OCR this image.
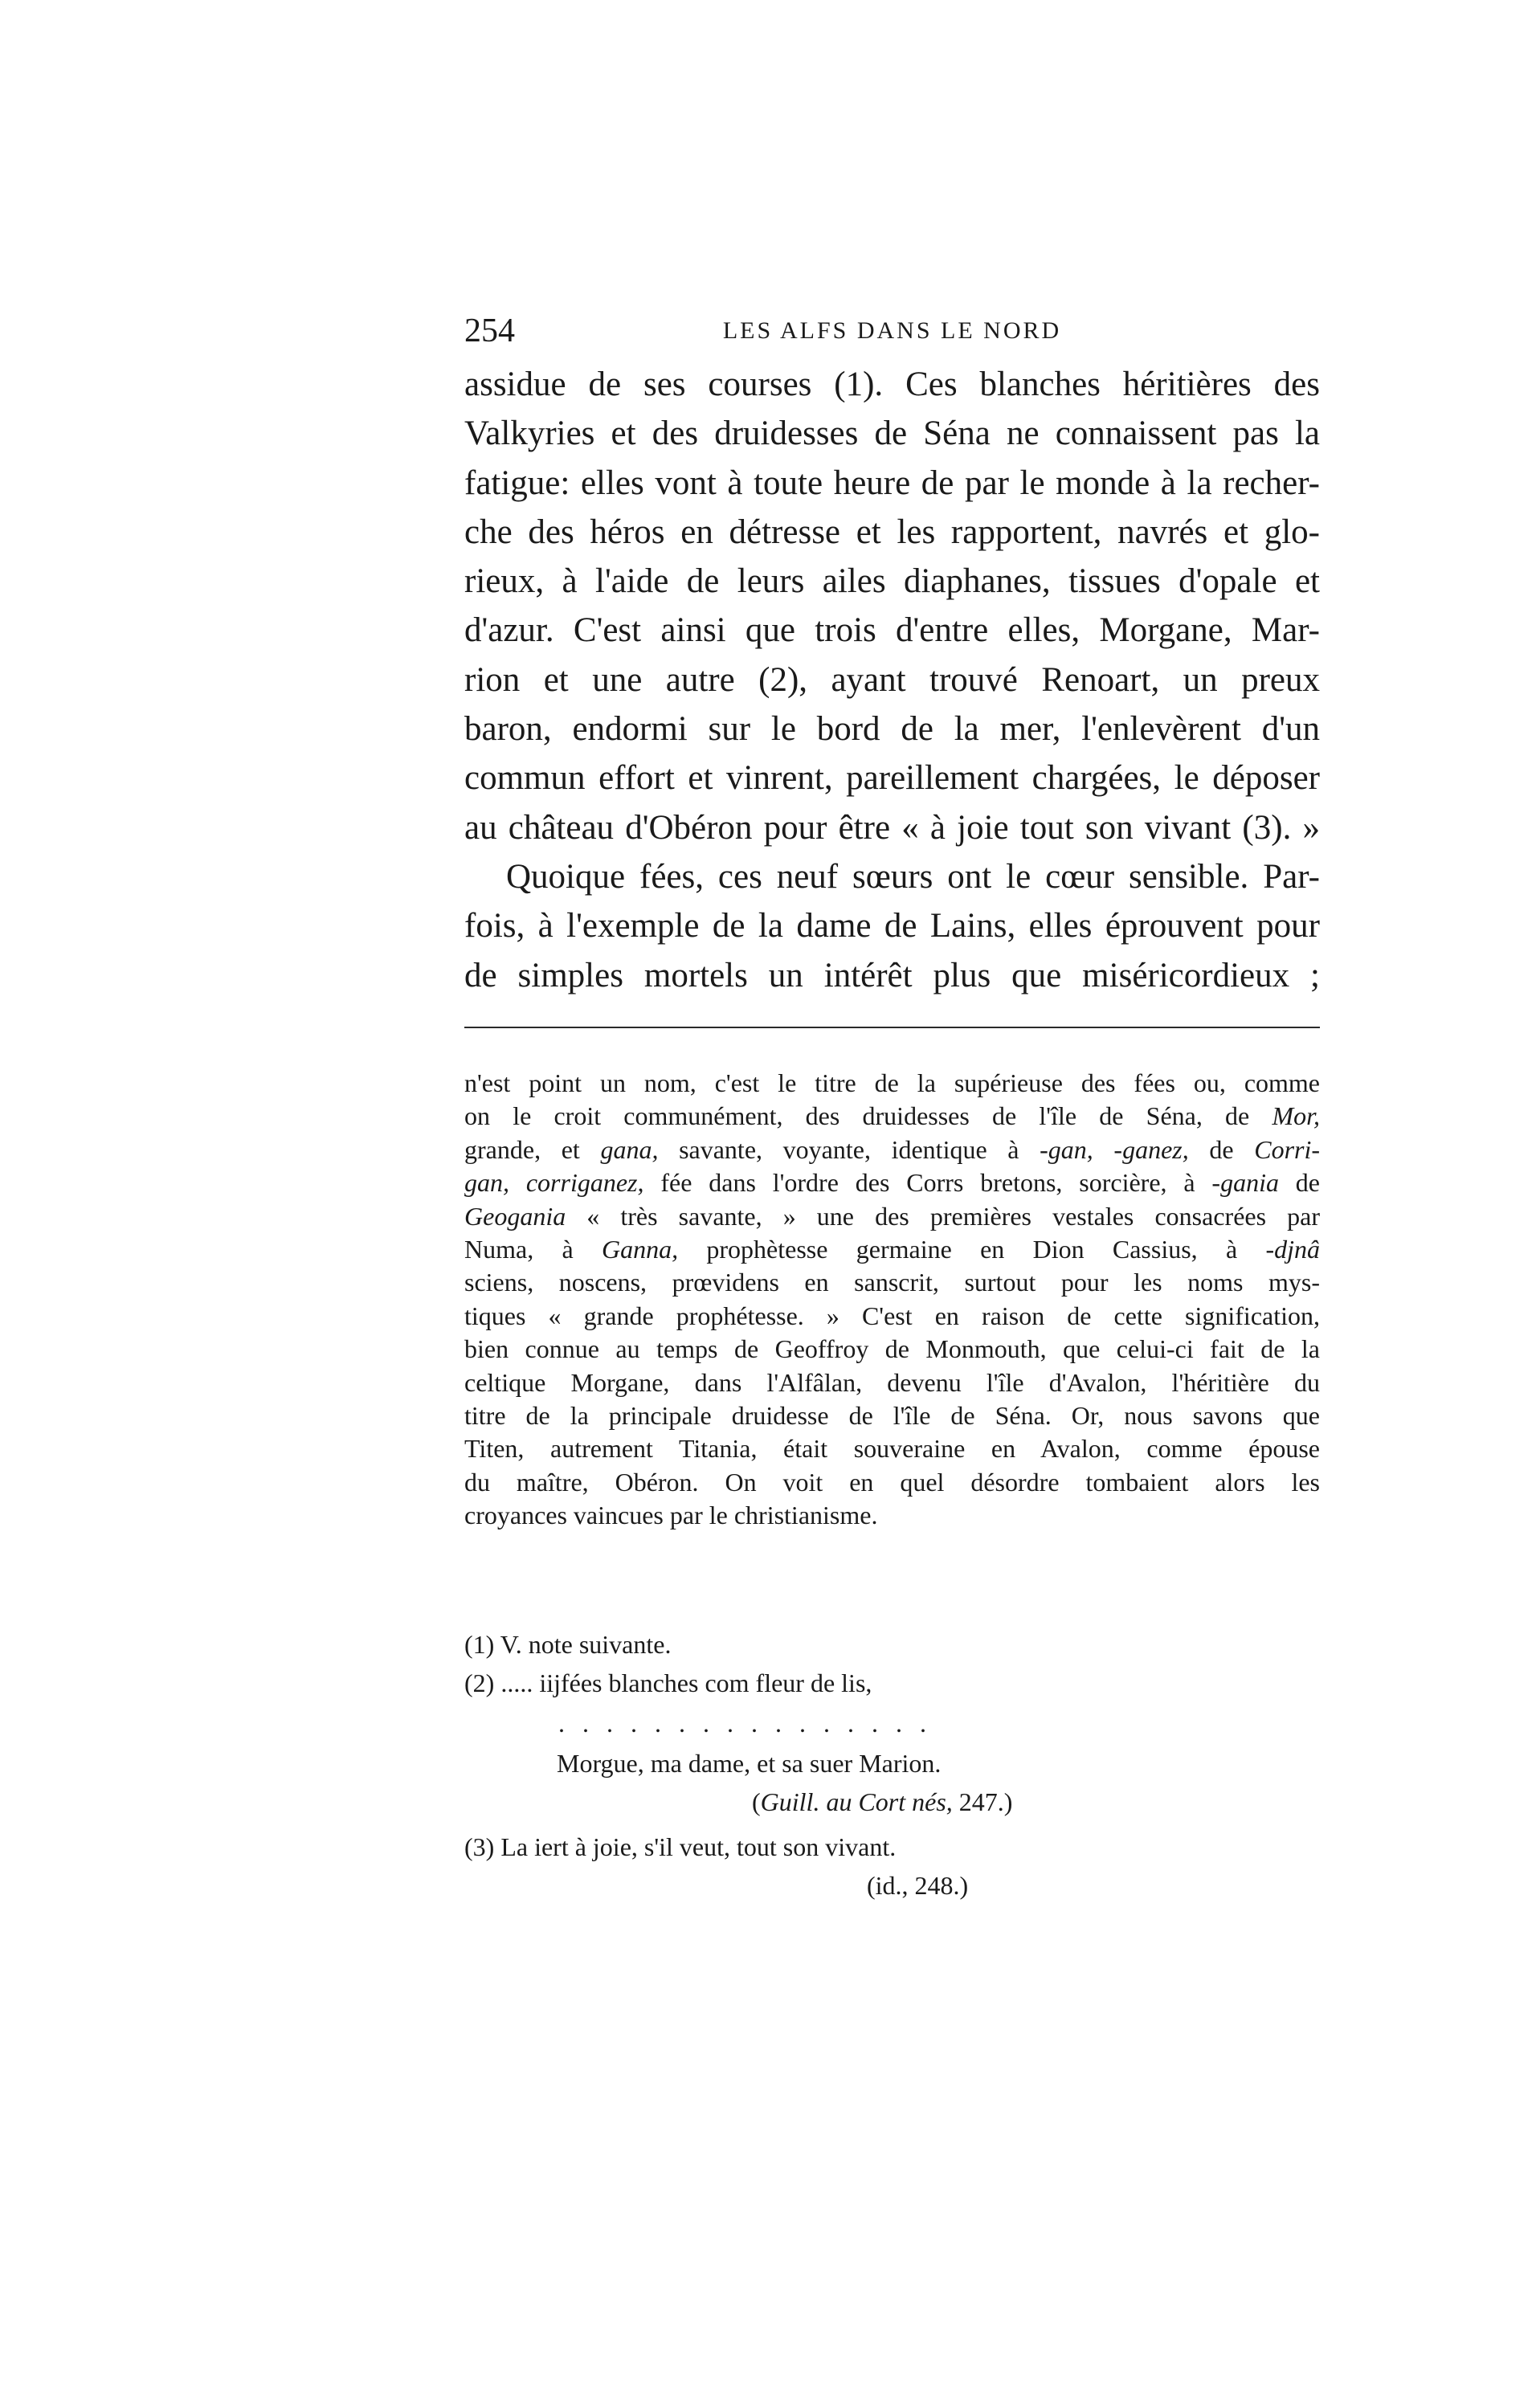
254	LES ALFS DANS LE NORD
assidue de ses courses (1). Ces blanches héritières des
Valkyries et des druidesses de Séna ne connaissent pas la
fatigue: elles vont à toute heure de par le monde à la recher-
che des héros en détresse et les rapportent, navrés et glo-
rieux, à l'aide de leurs ailes diaphanes, tissues d'opale et
d'azur. C'est ainsi que trois d'entre elles, Morgane, Mar-
rion et une autre (2), ayant trouvé Renoart, un preux
baron, endormi sur le bord de la mer, l'enlevèrent d'un
commun effort et vinrent, pareillement chargées, le déposer
au château d'Obéron pour être « à joie tout son vivant (3). »
Quoique fées, ces neuf sœurs ont le cœur sensible. Par-
fois, à l'exemple de la dame de Lains, elles éprouvent pour
de simples mortels un intérêt plus que miséricordieux ;
n'est point un nom, c'est le titre de la supérieuse des fées ou, comme
on le croit communément, des druidesses de l'île de Séna, de Mor,
grande, et gana, savante, voyante, identique à -gan, -ganez, de Corri-
gan, corriganez, fée dans l'ordre des Corrs bretons, sorcière, à -gania de
Geogania « très savante, » une des premières vestales consacrées par
Numa, à Ganna, prophètesse germaine en Dion Cassius, à -djnâ
sciens, noscens, prœvidens en sanscrit, surtout pour les noms mys-
tiques « grande prophétesse. » C'est en raison de cette signification,
bien connue au temps de Geoffroy de Monmouth, que celui-ci fait de la
celtique Morgane, dans l'Alfâlan, devenu l'île d'Avalon, l'héritière du
titre de la principale druidesse de l'île de Séna. Or, nous savons que
Titen, autrement Titania, était souveraine en Avalon, comme épouse
du maître, Obéron. On voit en quel désordre tombaient alors les
croyances vaincues par le christianisme.
(1) V. note suivante.
(2) ..... iijfées blanches com fleur de lis,
................
Morgue, ma dame, et sa suer Marion.
(Guill. au Cort nés, 247.)
(3) La iert à joie, s'il veut, tout son vivant.
(id., 248.)
